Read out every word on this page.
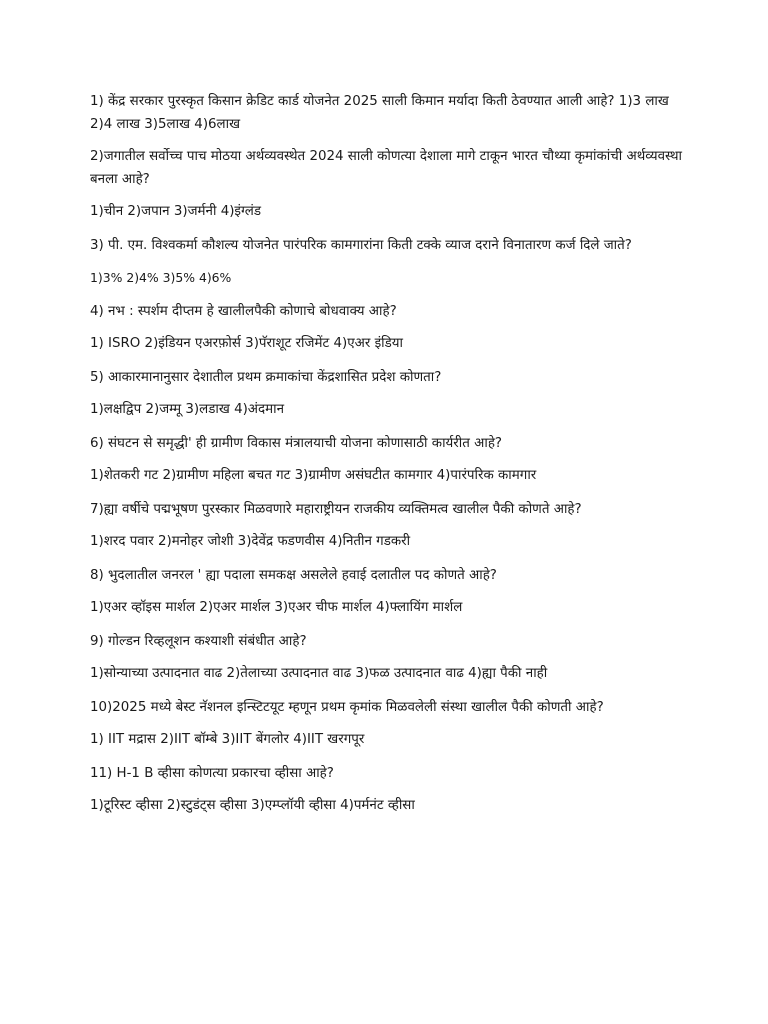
1) केंद्र सरकार पुरस्कृत किसान क्रेडिट कार्ड योजनेत 2025 साली किमान मर्यादा किती ठेवण्यात आली आहे? 1)3 लाख 2)4 लाख 3)5लाख 4)6लाख

2)जगातील सर्वोच्च पाच मोठया अर्थव्यवस्थेत 2024 साली कोणत्या देशाला मागे टाकून भारत चौथ्या कृमांकांची अर्थव्यवस्था बनला आहे?

1)चीन 2)जपान 3)जर्मनी 4)इंग्लंड

3) पी. एम. विश्वकर्मा कौशल्य योजनेत पारंपरिक कामगारांना किती टक्के व्याज दराने विनातारण कर्ज दिले जाते?

1)3% 2)4% 3)5% 4)6%

4) नभ : स्पर्शम दीप्तम हे खालीलपैकी कोणाचे बोधवाक्य आहे?

1) ISRO 2)इंडियन एअरफ़ोर्स 3)पॅराशूट रजिमेंट 4)एअर इंडिया

5) आकारमानानुसार देशातील प्रथम क्रमाकांचा केंद्रशासित प्रदेश कोणता?

1)लक्षद्विप 2)जम्मू 3)लडाख 4)अंदमान

6) संघटन से समृद्धी' ही ग्रामीण विकास मंत्रालयाची योजना कोणासाठी कार्यरीत आहे?

1)शेतकरी गट 2)ग्रामीण महिला बचत गट 3)ग्रामीण असंघटीत कामगार 4)पारंपरिक कामगार

7)ह्या वर्षीचे पद्मभूषण पुरस्कार मिळवणारे महाराष्ट्रीयन राजकीय व्यक्तिमत्व खालील पैकी कोणते आहे?

1)शरद पवार 2)मनोहर जोशी 3)देवेंद्र फडणवीस 4)नितीन गडकरी

8) भुदलातील जनरल ' ह्या पदाला समकक्ष असलेले हवाई दलातील पद कोणते आहे?

1)एअर व्हॉइस मार्शल 2)एअर मार्शल 3)एअर चीफ मार्शल 4)फ्लायिंग मार्शल

9) गोल्डन रिव्हलूशन कश्याशी संबंधीत आहे?

1)सोन्याच्या उत्पादनात वाढ 2)तेलाच्या उत्पादनात वाढ 3)फळ उत्पादनात वाढ 4)ह्या पैकी नाही

10)2025 मध्ये बेस्ट नॅशनल इन्स्टिटयूट म्हणून प्रथम कृमांक मिळवलेली संस्था खालील पैकी कोणती आहे?

1) IIT मद्रास 2)IIT बॉम्बे 3)IIT बेंगलोर 4)IIT खरगपूर

11) H-1 B व्हीसा कोणत्या प्रकारचा व्हीसा आहे?

1)टूरिस्ट व्हीसा 2)स्टुडंट्स व्हीसा 3)एम्प्लॉयी व्हीसा 4)पर्मनंट व्हीसा
